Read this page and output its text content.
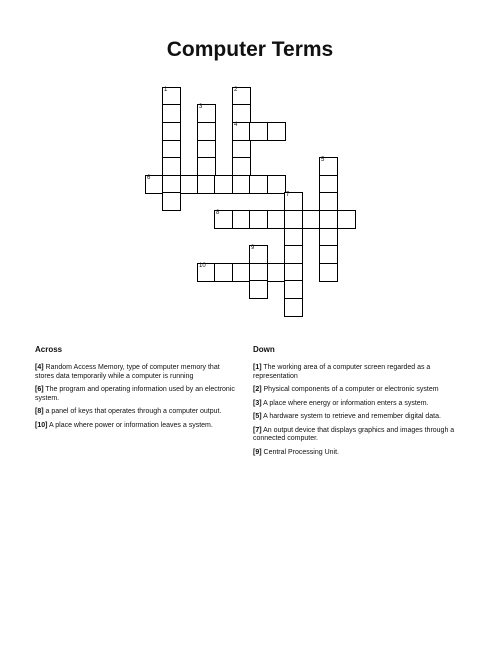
Computer Terms
1	2
3
4
5
6
7
8
9
10
Across
[4] Random Access Memory, type of computer memory that stores data temporarily while a computer is running
[6] The program and operating information used by an electronic system.
[8] a panel of keys that operates through a computer output.
[10] A place where power or information leaves a system.
Down
[1] The working area of a computer screen regarded as a representation
[2] Physical components of a computer or electronic system
[3] A place where energy or information enters a system.
[5] A hardware system to retrieve and remember digital data.
[7] An output device that displays graphics and images through a connected computer.
[9] Central Processing Unit.
